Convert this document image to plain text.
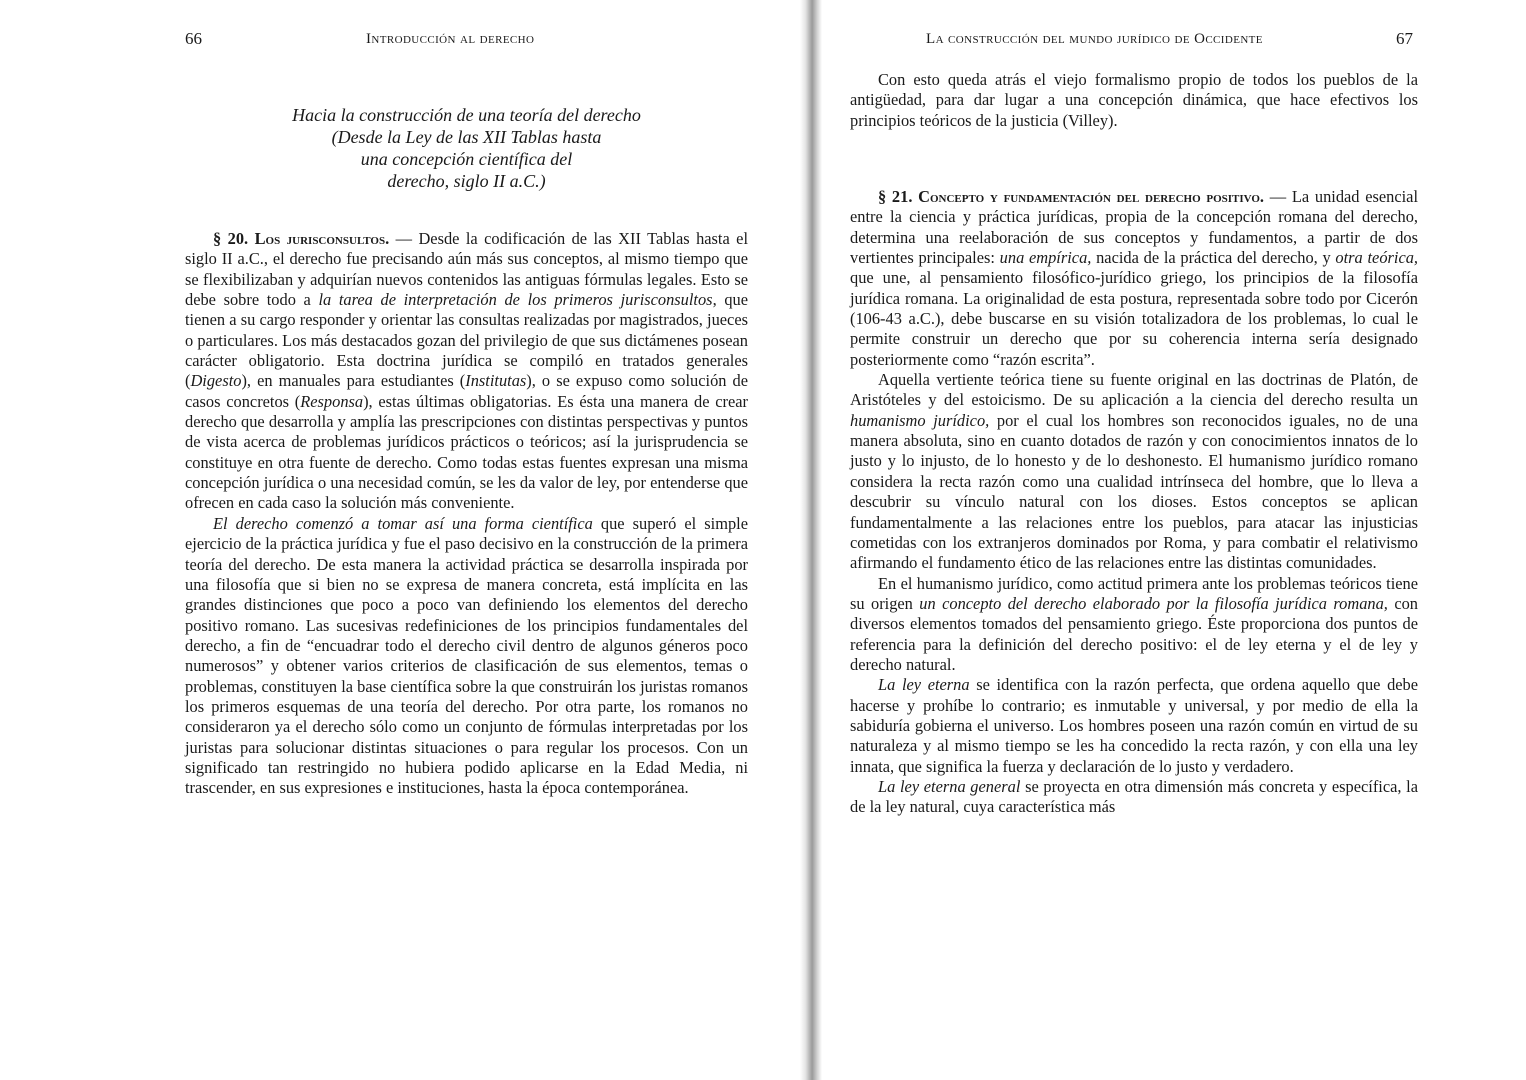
66	Introducción al derecho
Hacia la construcción de una teoría del derecho
(Desde la Ley de las XII Tablas hasta
una concepción científica del
derecho, siglo II a.C.)

§ 20. Los jurisconsultos. — Desde la codificación de las XII Tablas hasta el siglo II a.C., el derecho fue precisando aún más sus conceptos, al mismo tiempo que se flexibilizaban y adquirían nuevos contenidos las antiguas fórmulas legales. Esto se debe sobre todo a la tarea de interpretación de los primeros jurisconsultos, que tienen a su cargo responder y orientar las consultas realizadas por magistrados, jueces o particulares. Los más destacados gozan del privilegio de que sus dictámenes posean carácter obligatorio. Esta doctrina jurídica se compiló en tratados generales (Digesto), en manuales para estudiantes (Institutas), o se expuso como solución de casos concretos (Responsa), estas últimas obligatorias. Es ésta una manera de crear derecho que desarrolla y amplía las prescripciones con distintas perspectivas y puntos de vista acerca de problemas jurídicos prácticos o teóricos; así la jurisprudencia se constituye en otra fuente de derecho. Como todas estas fuentes expresan una misma concepción jurídica o una necesidad común, se les da valor de ley, por entenderse que ofrecen en cada caso la solución más conveniente.

El derecho comenzó a tomar así una forma científica que superó el simple ejercicio de la práctica jurídica y fue el paso decisivo en la construcción de la primera teoría del derecho. De esta manera la actividad práctica se desarrolla inspirada por una filosofía que si bien no se expresa de manera concreta, está implícita en las grandes distinciones que poco a poco van definiendo los elementos del derecho positivo romano. Las sucesivas redefiniciones de los principios fundamentales del derecho, a fin de “encuadrar todo el derecho civil dentro de algunos géneros poco numerosos” y obtener varios criterios de clasificación de sus elementos, temas o problemas, constituyen la base científica sobre la que construirán los juristas romanos los primeros esquemas de una teoría del derecho. Por otra parte, los romanos no consideraron ya el derecho sólo como un conjunto de fórmulas interpretadas por los juristas para solucionar distintas situaciones o para regular los procesos. Con un significado tan restringido no hubiera podido aplicarse en la Edad Media, ni trascender, en sus expresiones e instituciones, hasta la época contemporánea.

La construcción del mundo jurídico de Occidente	67

Con esto queda atrás el viejo formalismo propio de todos los pueblos de la antigüedad, para dar lugar a una concepción dinámica, que hace efectivos los principios teóricos de la justicia (Villey).

§ 21. Concepto y fundamentación del derecho positivo. — La unidad esencial entre la ciencia y práctica jurídicas, propia de la concepción romana del derecho, determina una reelaboración de sus conceptos y fundamentos, a partir de dos vertientes principales: una empírica, nacida de la práctica del derecho, y otra teórica, que une, al pensamiento filosófico-jurídico griego, los principios de la filosofía jurídica romana. La originalidad de esta postura, representada sobre todo por Cicerón (106-43 a.C.), debe buscarse en su visión totalizadora de los problemas, lo cual le permite construir un derecho que por su coherencia interna sería designado posteriormente como “razón escrita”.

Aquella vertiente teórica tiene su fuente original en las doctrinas de Platón, de Aristóteles y del estoicismo. De su aplicación a la ciencia del derecho resulta un humanismo jurídico, por el cual los hombres son reconocidos iguales, no de una manera absoluta, sino en cuanto dotados de razón y con conocimientos innatos de lo justo y lo injusto, de lo honesto y de lo deshonesto. El humanismo jurídico romano considera la recta razón como una cualidad intrínseca del hombre, que lo lleva a descubrir su vínculo natural con los dioses. Estos conceptos se aplican fundamentalmente a las relaciones entre los pueblos, para atacar las injusticias cometidas con los extranjeros dominados por Roma, y para combatir el relativismo afirmando el fundamento ético de las relaciones entre las distintas comunidades.

En el humanismo jurídico, como actitud primera ante los problemas teóricos tiene su origen un concepto del derecho elaborado por la filosofía jurídica romana, con diversos elementos tomados del pensamiento griego. Éste proporciona dos puntos de referencia para la definición del derecho positivo: el de ley eterna y el de ley y derecho natural.

La ley eterna se identifica con la razón perfecta, que ordena aquello que debe hacerse y prohíbe lo contrario; es inmutable y universal, y por medio de ella la sabiduría gobierna el universo. Los hombres poseen una razón común en virtud de su naturaleza y al mismo tiempo se les ha concedido la recta razón, y con ella una ley innata, que significa la fuerza y declaración de lo justo y verdadero.

La ley eterna general se proyecta en otra dimensión más concreta y específica, la de la ley natural, cuya característica más
